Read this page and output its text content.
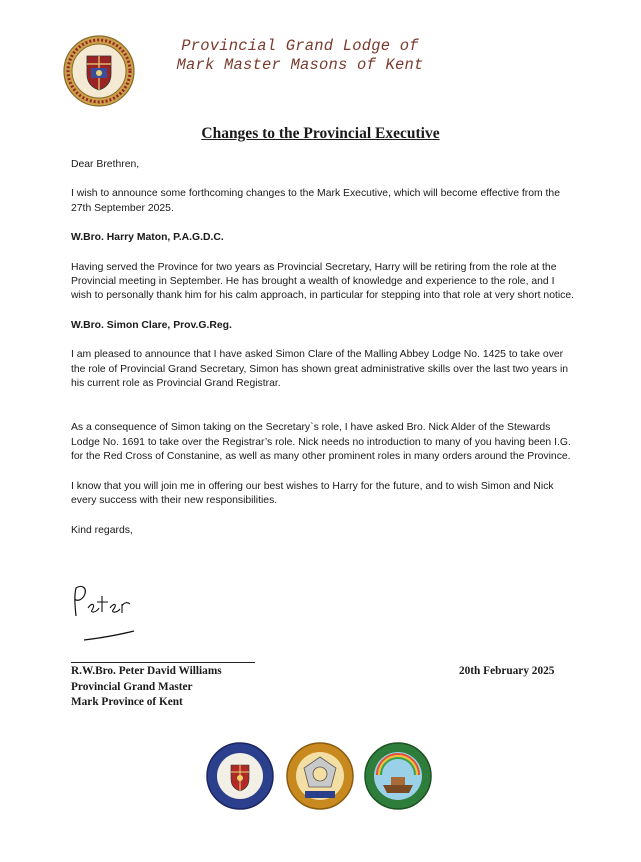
Provincial Grand Lodge of
Mark Master Masons of Kent
Changes to the Provincial Executive

Dear Brethren,

I wish to announce some forthcoming changes to the Mark Executive, which will become effective from the 27th September 2025.

W.Bro. Harry Maton, P.A.G.D.C.

Having served the Province for two years as Provincial Secretary, Harry will be retiring from the role at the Provincial meeting in September. He has brought a wealth of knowledge and experience to the role, and I wish to personally thank him for his calm approach, in particular for stepping into that role at very short notice.

W.Bro. Simon Clare, Prov.G.Reg.

I am pleased to announce that I have asked Simon Clare of the Malling Abbey Lodge No. 1425 to take over the role of Provincial Grand Secretary, Simon has shown great administrative skills over the last two years in his current role as Provincial Grand Registrar.

As a consequence of Simon taking on the Secretary`s role, I have asked Bro. Nick Alder of the Stewards Lodge No. 1691 to take over the Registrar’s role. Nick needs no introduction to many of you having been I.G. for the Red Cross of Constanine, as well as many other prominent roles in many orders around the Province.

I know that you will join me in offering our best wishes to Harry for the future, and to wish Simon and Nick every success with their new responsibilities.

Kind regards,

R.W.Bro. Peter David Williams
Provincial Grand Master
Mark Province of Kent
20th February 2025
